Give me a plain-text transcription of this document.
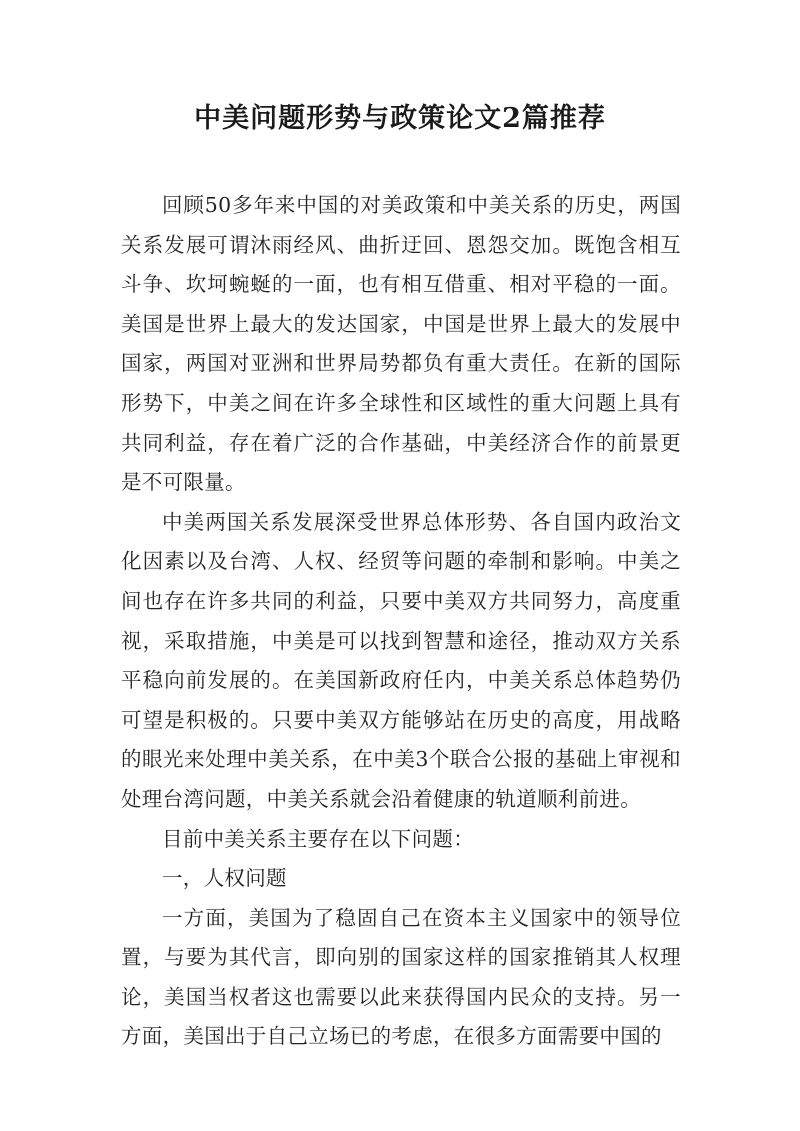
中美问题形势与政策论文2篇推荐

回顾50多年来中国的对美政策和中美关系的历史，两国关系发展可谓沐雨经风、曲折迂回、恩怨交加。既饱含相互斗争、坎坷蜿蜒的一面，也有相互借重、相对平稳的一面。美国是世界上最大的发达国家，中国是世界上最大的发展中国家，两国对亚洲和世界局势都负有重大责任。在新的国际形势下，中美之间在许多全球性和区域性的重大问题上具有共同利益，存在着广泛的合作基础，中美经济合作的前景更是不可限量。

中美两国关系发展深受世界总体形势、各自国内政治文化因素以及台湾、人权、经贸等问题的牵制和影响。中美之间也存在许多共同的利益，只要中美双方共同努力，高度重视，采取措施，中美是可以找到智慧和途径，推动双方关系平稳向前发展的。在美国新政府任内，中美关系总体趋势仍可望是积极的。只要中美双方能够站在历史的高度，用战略的眼光来处理中美关系，在中美3个联合公报的基础上审视和处理台湾问题，中美关系就会沿着健康的轨道顺利前进。

目前中美关系主要存在以下问题：

一，人权问题

一方面，美国为了稳固自己在资本主义国家中的领导位置，与要为其代言，即向别的国家这样的国家推销其人权理论，美国当权者这也需要以此来获得国内民众的支持。另一方面，美国出于自己立场已的考虑，在很多方面需要中国的
